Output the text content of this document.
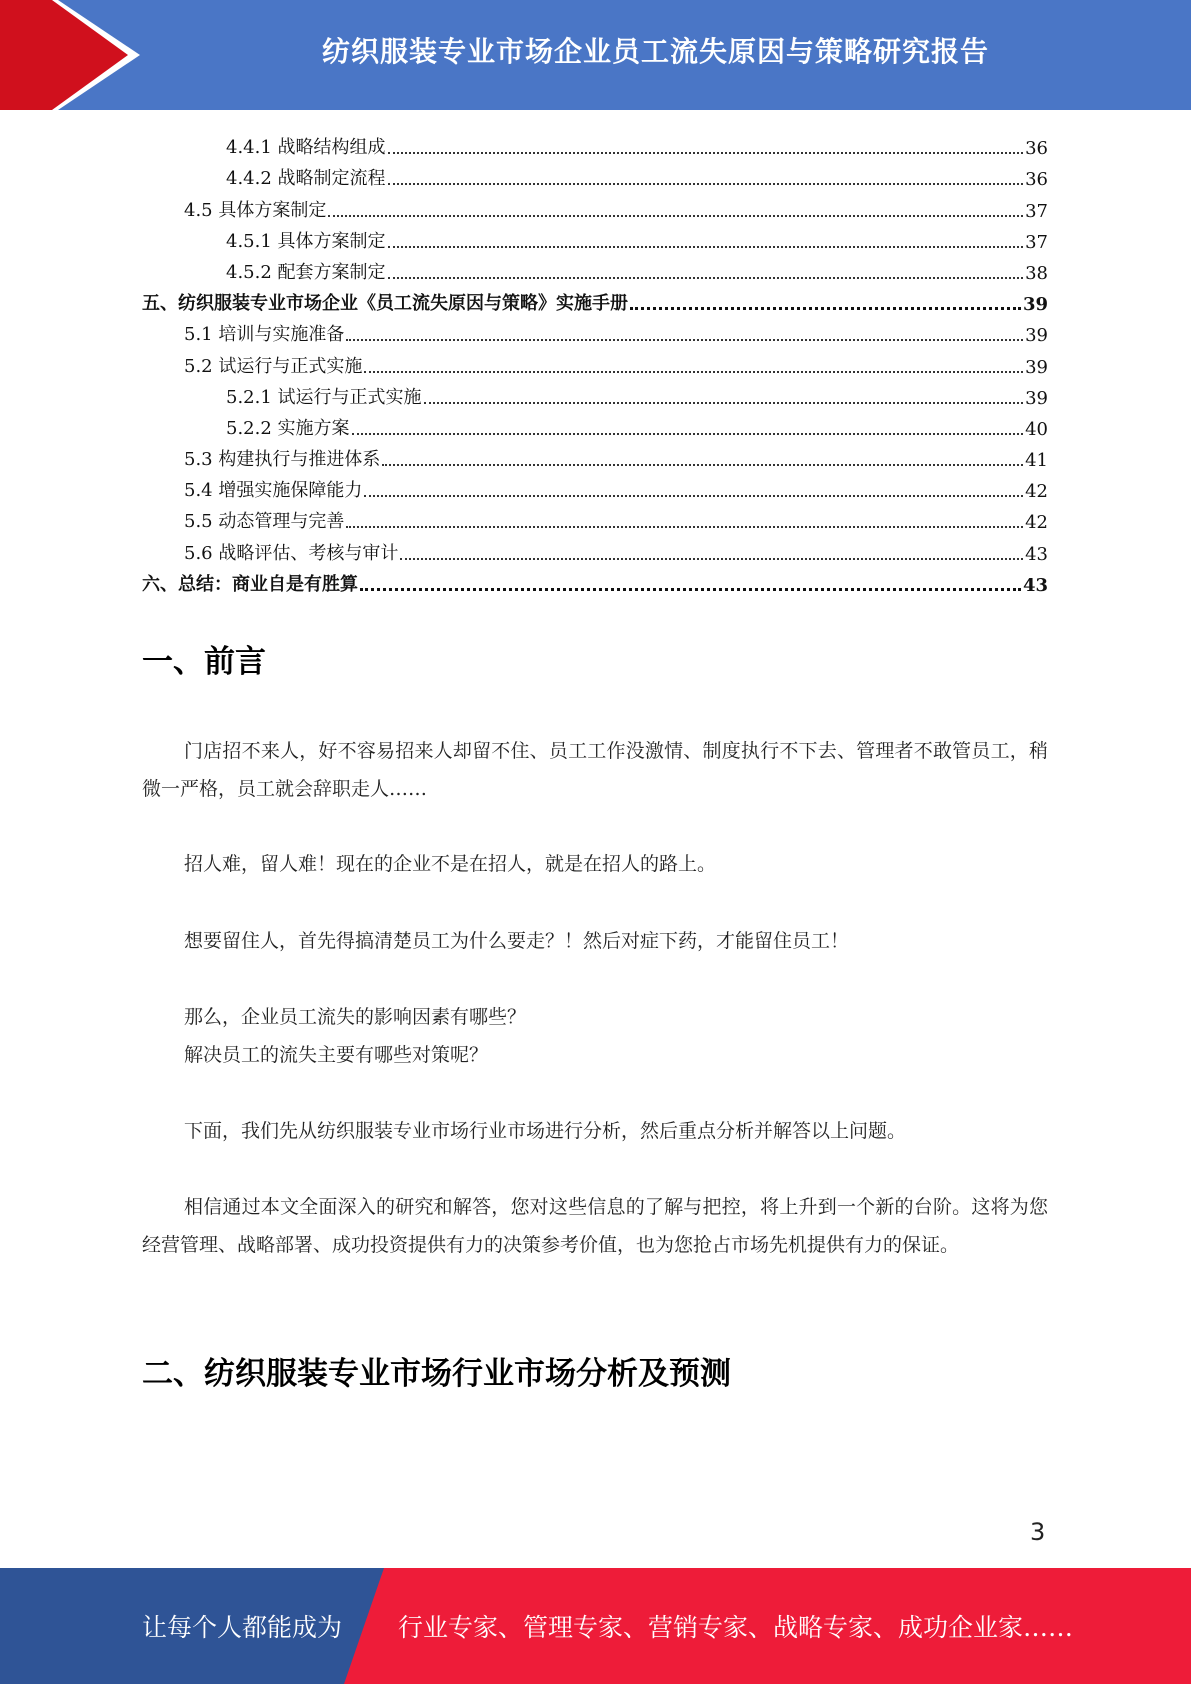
纺织服装专业市场企业员工流失原因与策略研究报告
4.4.1 战略结构组成	36
4.4.2 战略制定流程	36
4.5 具体方案制定	37
4.5.1 具体方案制定	37
4.5.2 配套方案制定	38
五、纺织服装专业市场企业《员工流失原因与策略》实施手册	39
5.1 培训与实施准备	39
5.2 试运行与正式实施	39
5.2.1 试运行与正式实施	39
5.2.2 实施方案	40
5.3 构建执行与推进体系	41
5.4 增强实施保障能力	42
5.5 动态管理与完善	42
5.6 战略评估、考核与审计	43
六、总结：商业自是有胜算	43
一、前言
门店招不来人，好不容易招来人却留不住、员工工作没激情、制度执行不下去、管理者不敢管员工，稍微一严格，员工就会辞职走人……
招人难，留人难！现在的企业不是在招人，就是在招人的路上。
想要留住人，首先得搞清楚员工为什么要走？！然后对症下药，才能留住员工！
那么，企业员工流失的影响因素有哪些？
解决员工的流失主要有哪些对策呢？
下面，我们先从纺织服装专业市场行业市场进行分析，然后重点分析并解答以上问题。
相信通过本文全面深入的研究和解答，您对这些信息的了解与把控，将上升到一个新的台阶。这将为您经营管理、战略部署、成功投资提供有力的决策参考价值，也为您抢占市场先机提供有力的保证。
二、纺织服装专业市场行业市场分析及预测
3
让每个人都能成为 行业专家、管理专家、营销专家、战略专家、成功企业家……
